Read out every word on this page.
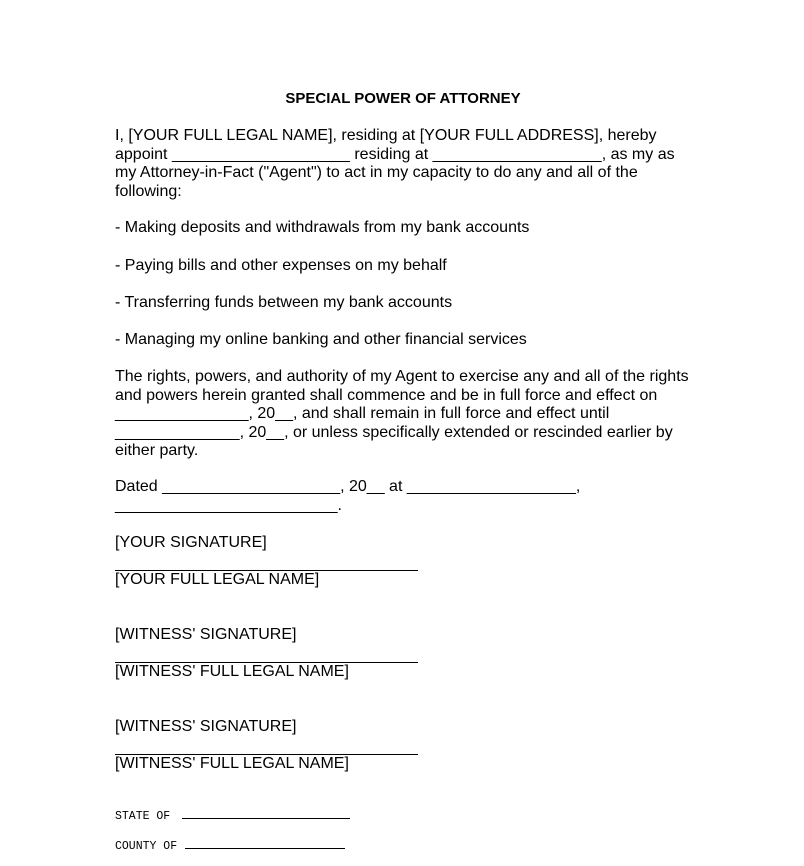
SPECIAL POWER OF ATTORNEY

I, [YOUR FULL LEGAL NAME], residing at [YOUR FULL ADDRESS], hereby

appoint ____________________ residing at ___________________, as my as

my Attorney-in-Fact ("Agent") to act in my capacity to do any and all of the

following:

- Making deposits and withdrawals from my bank accounts

- Paying bills and other expenses on my behalf

- Transferring funds between my bank accounts

- Managing my online banking and other financial services

The rights, powers, and authority of my Agent to exercise any and all of the rights

and powers herein granted shall commence and be in full force and effect on

_______________, 20__, and shall remain in full force and effect until

______________, 20__, or unless specifically extended or rescinded earlier by

either party.

Dated ____________________, 20__ at ___________________,

_________________________.

[YOUR SIGNATURE]

[YOUR FULL LEGAL NAME]

[WITNESS' SIGNATURE]

[WITNESS' FULL LEGAL NAME]

[WITNESS' SIGNATURE]

[WITNESS' FULL LEGAL NAME]

STATE OF

COUNTY OF
